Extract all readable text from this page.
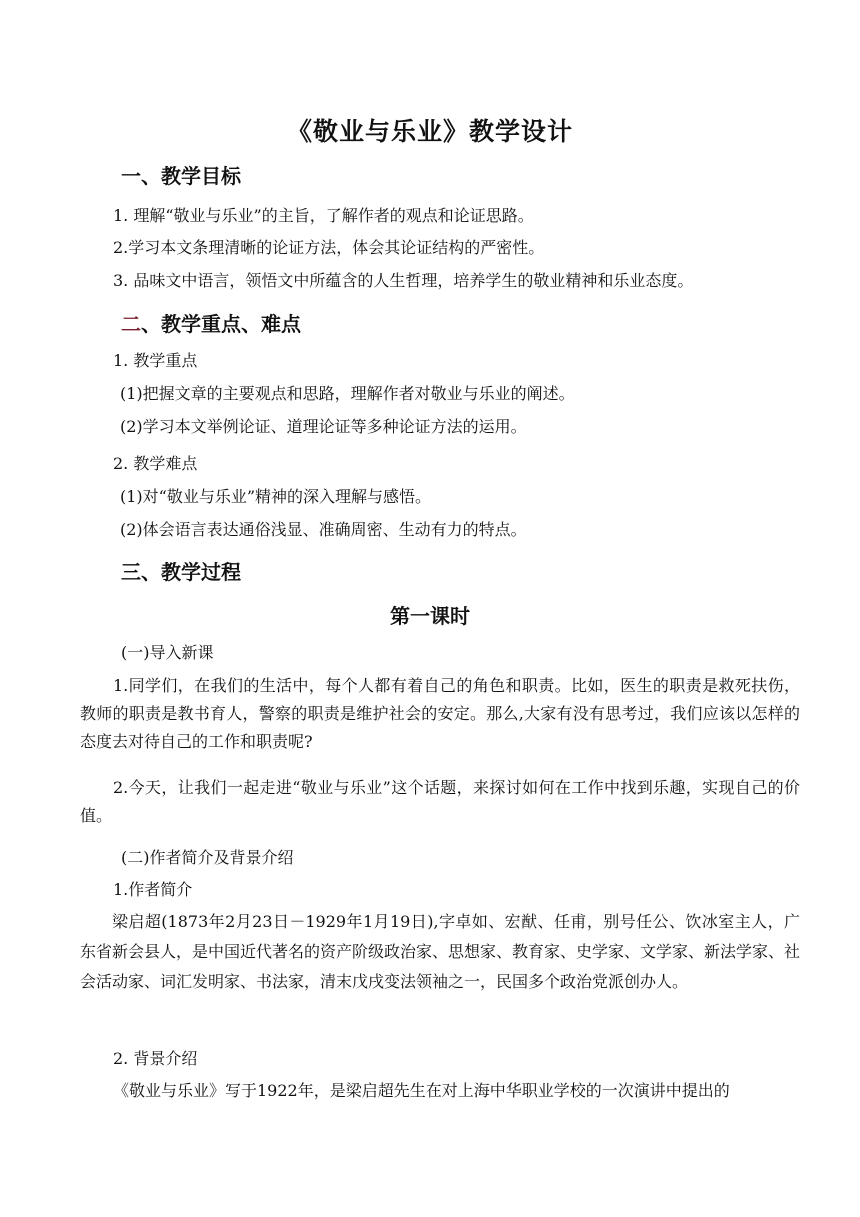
《敬业与乐业》教学设计
一、教学目标
1. 理解“敬业与乐业”的主旨，了解作者的观点和论证思路。
2.学习本文条理清晰的论证方法，体会其论证结构的严密性。
3. 品味文中语言，领悟文中所蕴含的人生哲理，培养学生的敬业精神和乐业态度。
二、教学重点、难点
1. 教学重点
(1)把握文章的主要观点和思路，理解作者对敬业与乐业的阐述。
(2)学习本文举例论证、道理论证等多种论证方法的运用。
2. 教学难点
(1)对“敬业与乐业”精神的深入理解与感悟。
(2)体会语言表达通俗浅显、准确周密、生动有力的特点。
三、教学过程
第一课时
(一)导入新课
1.同学们，在我们的生活中，每个人都有着自己的角色和职责。比如，医生的职责是救死扶伤，教师的职责是教书育人，警察的职责是维护社会的安定。那么,大家有没有思考过，我们应该以怎样的态度去对待自己的工作和职责呢?
2.今天，让我们一起走进“敬业与乐业”这个话题，来探讨如何在工作中找到乐趣，实现自己的价值。
(二)作者简介及背景介绍
1.作者简介
梁启超(1873年2月23日－1929年1月19日),字卓如、宏猷、任甫，别号任公、饮冰室主人，广东省新会县人，是中国近代著名的资产阶级政治家、思想家、教育家、史学家、文学家、新法学家、社会活动家、词汇发明家、书法家，清末戊戌变法领袖之一，民国多个政治党派创办人。
2. 背景介绍
《敬业与乐业》写于1922年，是梁启超先生在对上海中华职业学校的一次演讲中提出的
